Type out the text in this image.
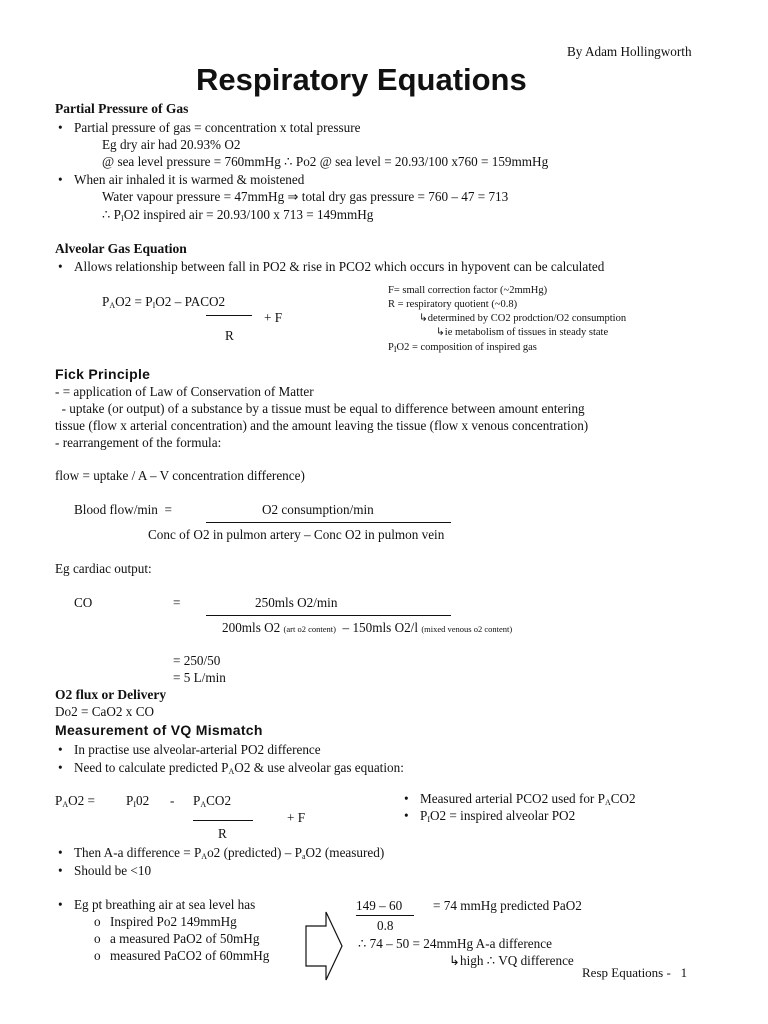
By Adam Hollingworth
Respiratory Equations
Partial Pressure of Gas
• Partial pressure of gas = concentration x total pressure
Eg dry air had 20.93% O2
@ sea level pressure = 760mmHg ∴ Po2 @ sea level = 20.93/100 x760 = 159mmHg
• When air inhaled it is warmed & moistened
Water vapour pressure = 47mmHg ⇒ total dry gas pressure = 760 – 47 = 713
∴ $P_IO2$ inspired air = 20.93/100 x 713 = 149mmHg
Alveolar Gas Equation
• Allows relationship between fall in PO2 & rise in PCO2 which occurs in hypovent can be calculated
$P_AO2 = P_IO2$ – PACO2
+ F
R
F= small correction factor (~2mmHg)
R = respiratory quotient (~0.8)
↳determined by CO2 prodction/O2 consumption
↳ie metabolism of tissues in steady state
$P_IO2$ = composition of inspired gas
Fick Principle
- = application of Law of Conservation of Matter
- uptake (or output) of a substance by a tissue must be equal to difference between amount entering
tissue (flow x arterial concentration) and the amount leaving the tissue (flow x venous concentration)
- rearrangement of the formula:
flow = uptake / A – V concentration difference)
Blood flow/min  =	O2 consumption/min
Conc of O2 in pulmon artery – Conc O2 in pulmon vein
Eg cardiac output:
CO	=	250mls O2/min
200mls O2 (art o2 content)  – 150mls O2/l (mixed venous o2 content)
= 250/50
= 5 L/min
O2 flux or Delivery
Do2 = CaO2 x CO
Measurement of VQ Mismatch
• In practise use alveolar-arterial PO2 difference
• Need to calculate predicted $P_AO2$ & use alveolar gas equation:
$P_AO2 = P_I02 - P_ACO2$
+ F
R
• Measured arterial PCO2 used for $P_ACO2$
• $P_IO2$ = inspired alveolar PO2
• Then A-a difference = $P_Ao2$ (predicted) – $P_aO2$ (measured)
• Should be <10
• Eg pt breathing air at sea level has
o Inspired Po2 149mmHg
o a measured PaO2 of 50mHg
o measured PaCO2 of 60mmHg
149 – 60
0.8
= 74 mmHg predicted PaO2
∴ 74 – 50 = 24mmHg A-a difference
↳high ∴ VQ difference
Resp Equations -   1
